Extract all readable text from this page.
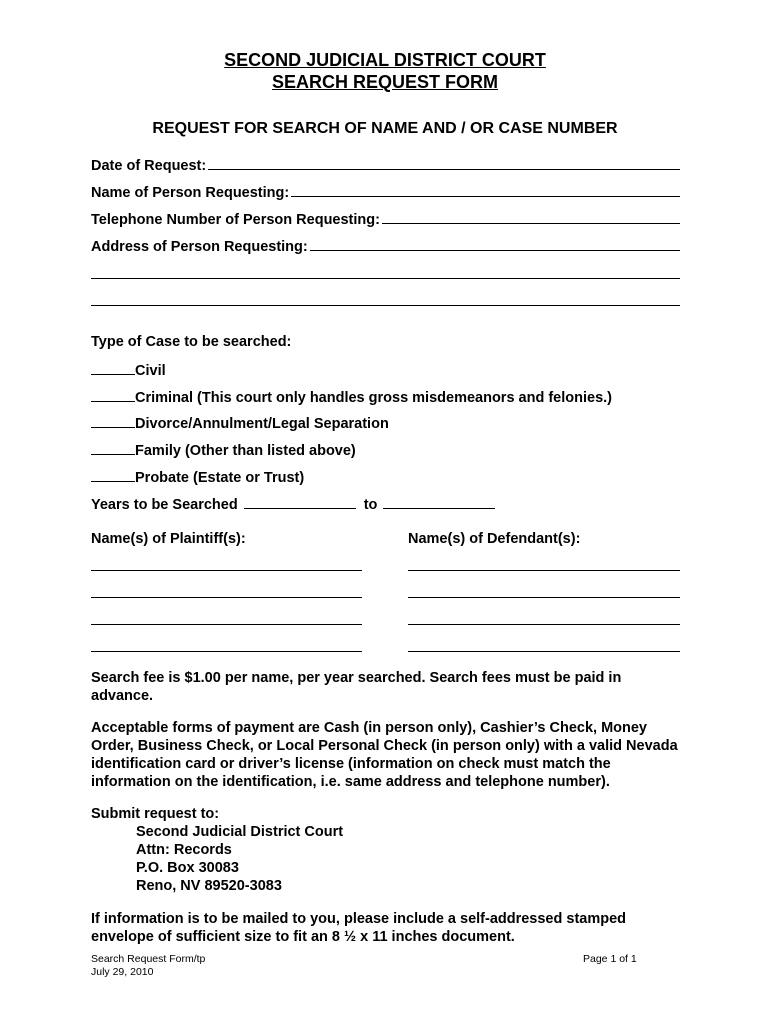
SECOND JUDICIAL DISTRICT COURT
SEARCH REQUEST FORM
REQUEST FOR SEARCH OF NAME AND / OR CASE NUMBER
Date of Request:
Name of Person Requesting:
Telephone Number of Person Requesting:
Address of Person Requesting:
Type of Case to be searched:
Civil
Criminal (This court only handles gross misdemeanors and felonies.)
Divorce/Annulment/Legal Separation
Family (Other than listed above)
Probate (Estate or Trust)
Years to be Searched	to
Name(s) of Plaintiff(s):	Name(s) of Defendant(s):
Search fee is $1.00 per name, per year searched. Search fees must be paid in advance.
Acceptable forms of payment are Cash (in person only), Cashier’s Check, Money Order, Business Check, or Local Personal Check (in person only) with a valid Nevada identification card or driver’s license (information on check must match the information on the identification, i.e. same address and telephone number).
Submit request to:
Second Judicial District Court
Attn: Records
P.O. Box 30083
Reno, NV 89520-3083
If information is to be mailed to you, please include a self-addressed stamped envelope of sufficient size to fit an 8 ½ x 11 inches document.
Search Request Form/tp
July 29, 2010
Page 1 of 1
